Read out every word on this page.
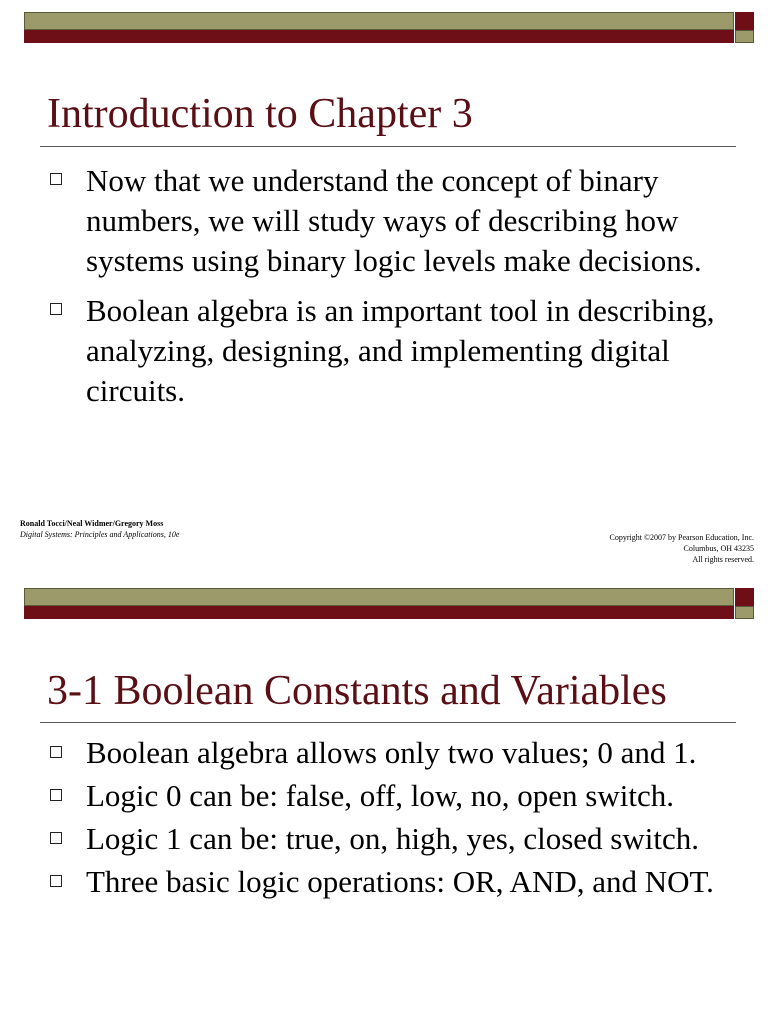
Introduction to Chapter 3
Now that we understand the concept of binary numbers, we will study ways of describing how systems using binary logic levels make decisions.
Boolean algebra is an important tool in describing, analyzing, designing, and implementing digital circuits.
Ronald Tocci/Neal Widmer/Gregory Moss
Digital Systems: Principles and Applications, 10e	Copyright ©2007 by Pearson Education, Inc.
Columbus, OH 43235
All rights reserved.
3-1 Boolean Constants and Variables
Boolean algebra allows only two values; 0 and 1.
Logic 0 can be: false, off, low, no, open switch.
Logic 1 can be: true, on, high, yes, closed switch.
Three basic logic operations: OR, AND, and NOT.
